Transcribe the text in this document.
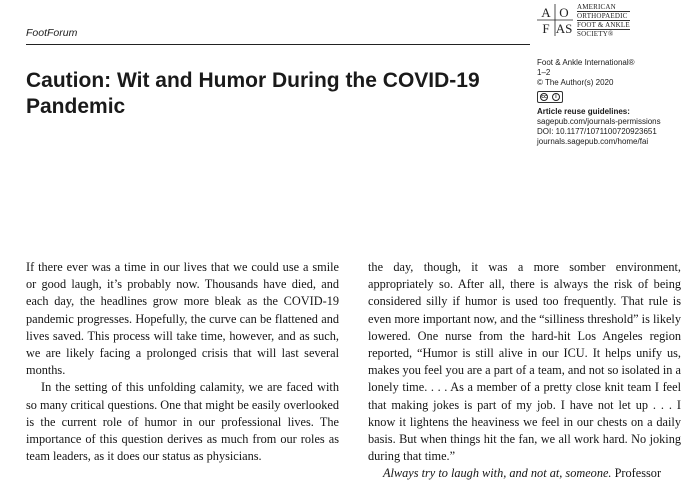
FootForum
Caution: Wit and Humor During the COVID-19 Pandemic
A O
F AS
AMERICAN
ORTHOPAEDIC
FOOT & ANKLE
SOCIETY®
Foot & Ankle International®
1–2
© The Author(s) 2020
cc	i
Article reuse guidelines:
sagepub.com/journals-permissions
DOI: 10.1177/1071100720923651
journals.sagepub.com/home/fai

If there ever was a time in our lives that we could use a smile or good laugh, it’s probably now. Thousands have died, and each day, the headlines grow more bleak as the COVID-19 pandemic progresses. Hopefully, the curve can be flattened and lives saved. This process will take time, however, and as such, we are likely facing a prolonged crisis that will last several months.

In the setting of this unfolding calamity, we are faced with so many critical questions. One that might be easily overlooked is the current role of humor in our professional lives. The importance of this question derives as much from our roles as team leaders, as it does our status as physicians.

the day, though, it was a more somber environment, appropriately so. After all, there is always the risk of being considered silly if humor is used too frequently. That rule is even more important now, and the “silliness threshold” is likely lowered. One nurse from the hard-hit Los Angeles region reported, “Humor is still alive in our ICU. It helps unify us, makes you feel you are a part of a team, and not so isolated in a lonely time. . . . As a member of a pretty close knit team I feel that making jokes is part of my job. I have not let up . . . I know it lightens the heaviness we feel in our chests on a daily basis. But when things hit the fan, we all work hard. No joking during that time.”

Always try to laugh with, and not at, someone. Professor
